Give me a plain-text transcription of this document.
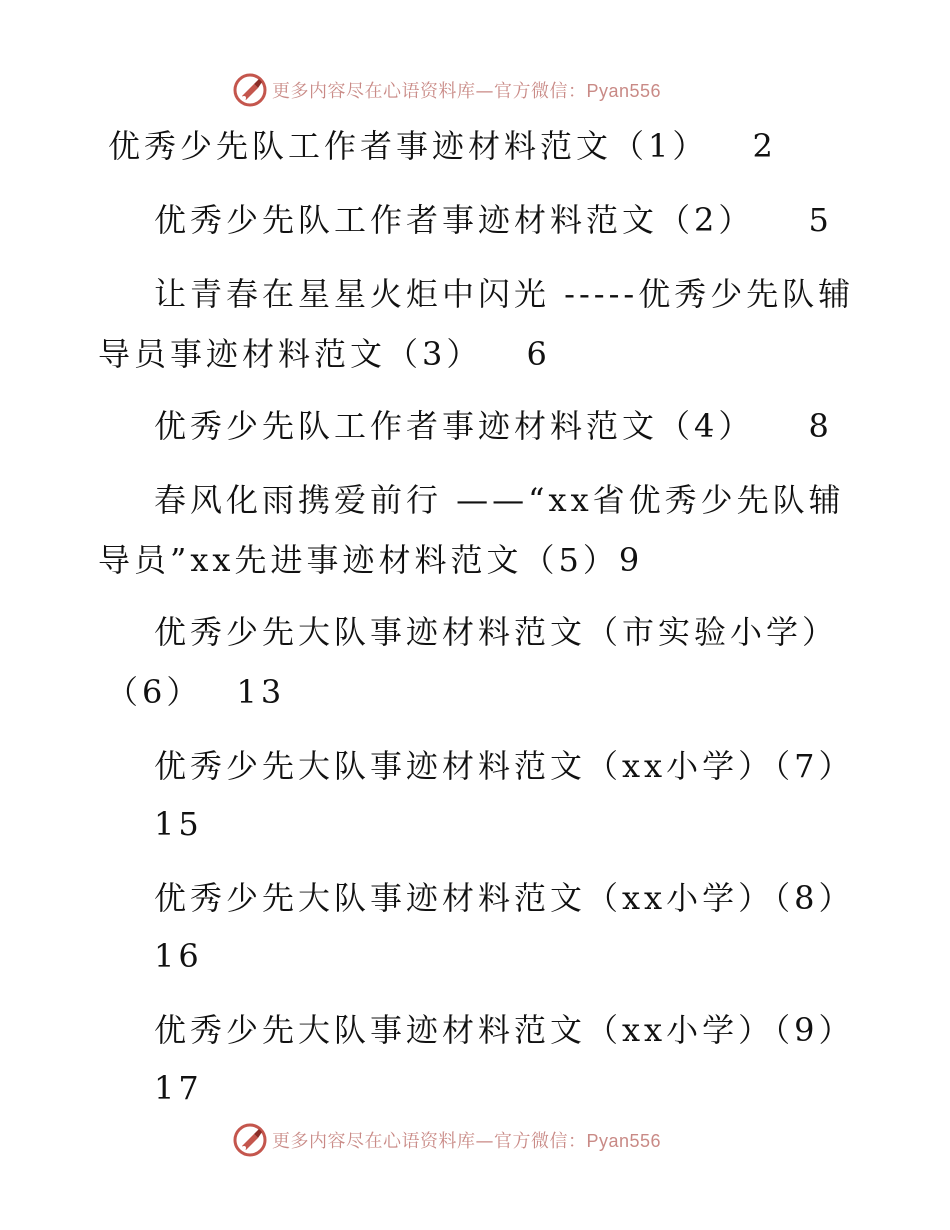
更多内容尽在心语资料库—官方微信：Pyan556
优秀少先队工作者事迹材料范文（1） 2
优秀少先队工作者事迹材料范文（2） 5
让青春在星星火炬中闪光 -----优秀少先队辅
导员事迹材料范文（3） 6
优秀少先队工作者事迹材料范文（4） 8
春风化雨携爱前行 ——“xx省优秀少先队辅
导员”xx先进事迹材料范文（5）9
优秀少先大队事迹材料范文（市实验小学）
（6） 13
优秀少先大队事迹材料范文（xx小学）（7）
15
优秀少先大队事迹材料范文（xx小学）（8）
16
优秀少先大队事迹材料范文（xx小学）（9）
17
更多内容尽在心语资料库—官方微信：Pyan556
